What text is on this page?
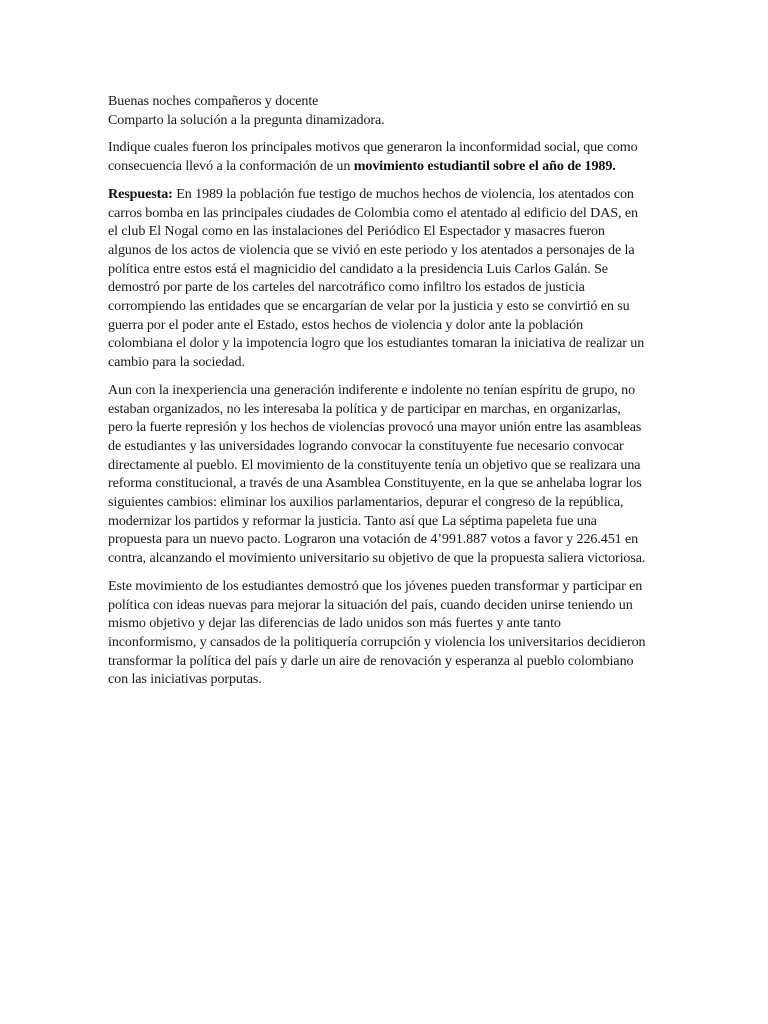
Buenas noches compañeros y docente
Comparto la solución a la pregunta dinamizadora.

Indique cuales fueron los principales motivos que generaron la inconformidad social, que como consecuencia llevó a la conformación de un movimiento estudiantil sobre el año de 1989.

Respuesta: En 1989 la población fue testigo de muchos hechos de violencia, los atentados con carros bomba en las principales ciudades de Colombia como el atentado al edificio del DAS, en el club El Nogal como en las instalaciones del Periódico El Espectador y masacres fueron algunos de los actos de violencia que se vivió en este periodo y los atentados a personajes de la política entre estos está el magnicidio del candidato a la presidencia Luis Carlos Galán. Se demostró por parte de los carteles del narcotráfico como infiltro los estados de justicia corrompiendo las entidades que se encargarían de velar por la justicia y esto se convirtió en su guerra por el poder ante el Estado, estos hechos de violencia y dolor ante la población colombiana el dolor y la impotencia logro que los estudiantes tomaran la iniciativa de realizar un cambio para la sociedad.

Aun con la inexperiencia una generación indiferente e indolente no tenían espíritu de grupo, no estaban organizados, no les interesaba la política y de participar en marchas, en organizarlas, pero la fuerte represión y los hechos de violencias provocó una mayor unión entre las asambleas de estudiantes y las universidades logrando convocar la constituyente fue necesario convocar directamente al pueblo. El movimiento de la constituyente tenía un objetivo que se realizara una reforma constitucional, a través de una Asamblea Constituyente, en la que se anhelaba lograr los siguientes cambios: eliminar los auxilios parlamentarios, depurar el congreso de la república, modernizar los partidos y reformar la justicia. Tanto así que La séptima papeleta fue una propuesta para un nuevo pacto. Lograron una votación de 4’991.887 votos a favor y 226.451 en contra, alcanzando el movimiento universitario su objetivo de que la propuesta saliera victoriosa.

Este movimiento de los estudiantes demostró que los jóvenes pueden transformar y participar en política con ideas nuevas para mejorar la situación del país, cuando deciden unirse teniendo un mismo objetivo y dejar las diferencias de lado unidos son más fuertes y ante tanto inconformismo, y cansados de la politiquería corrupción y violencia los universitarios decidieron transformar la política del país y darle un aire de renovación y esperanza al pueblo colombiano con las iniciativas porputas.
